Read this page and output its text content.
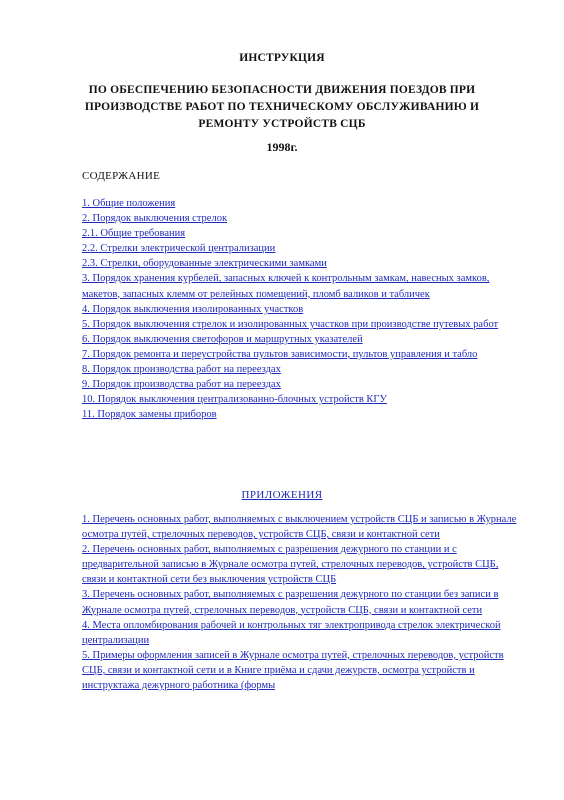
ИНСТРУКЦИЯ
ПО ОБЕСПЕЧЕНИЮ БЕЗОПАСНОСТИ ДВИЖЕНИЯ ПОЕЗДОВ ПРИ ПРОИЗВОДСТВЕ РАБОТ ПО ТЕХНИЧЕСКОМУ ОБСЛУЖИВАНИЮ И РЕМОНТУ УСТРОЙСТВ СЦБ
1998г.
СОДЕРЖАНИЕ
1. Общие положения
2. Порядок выключения стрелок
2.1. Общие требования
2.2. Стрелки электрической централизации
2.3. Стрелки, оборудованные электрическими замками
3. Порядок хранения курбелей, запасных ключей к контрольным замкам, навесных замков, макетов, запасных клемм от релейных помещений, пломб валиков и табличек
4. Порядок выключения изолированных участков
5. Порядок выключения стрелок и изолированных участков при производстве путевых работ
6. Порядок выключения светофоров и маршрутных указателей
7. Порядок ремонта и переустройства пультов зависимости, пультов управления и табло
8. Порядок производства работ на переездах
9. Порядок производства работ на переездах
10. Порядок выключения централизованно-блочных устройств КГУ
11. Порядок замены приборов
ПРИЛОЖЕНИЯ
1. Перечень основных работ, выполняемых с выключением устройств СЦБ и записью в Журнале осмотра путей, стрелочных переводов, устройств СЦБ, связи и контактной сети
2. Перечень основных работ, выполняемых с разрешения дежурного по станции и с предварительной записью в Журнале осмотра путей, стрелочных переводов, устройств СЦБ, связи и контактной сети без выключения устройств СЦБ
3. Перечень основных работ, выполняемых с разрешения дежурного по станции без записи в Журнале осмотра путей, стрелочных переводов, устройств СЦБ, связи и контактной сети
4. Места опломбирования рабочей и контрольных тяг электропривода стрелок электрической централизации
5. Примеры оформления записей в Журнале осмотра путей, стрелочных переводов, устройств СЦБ, связи и контактной сети и в Книге приёма и сдачи дежурств, осмотра устройств и инструктажа дежурного работника (формы
